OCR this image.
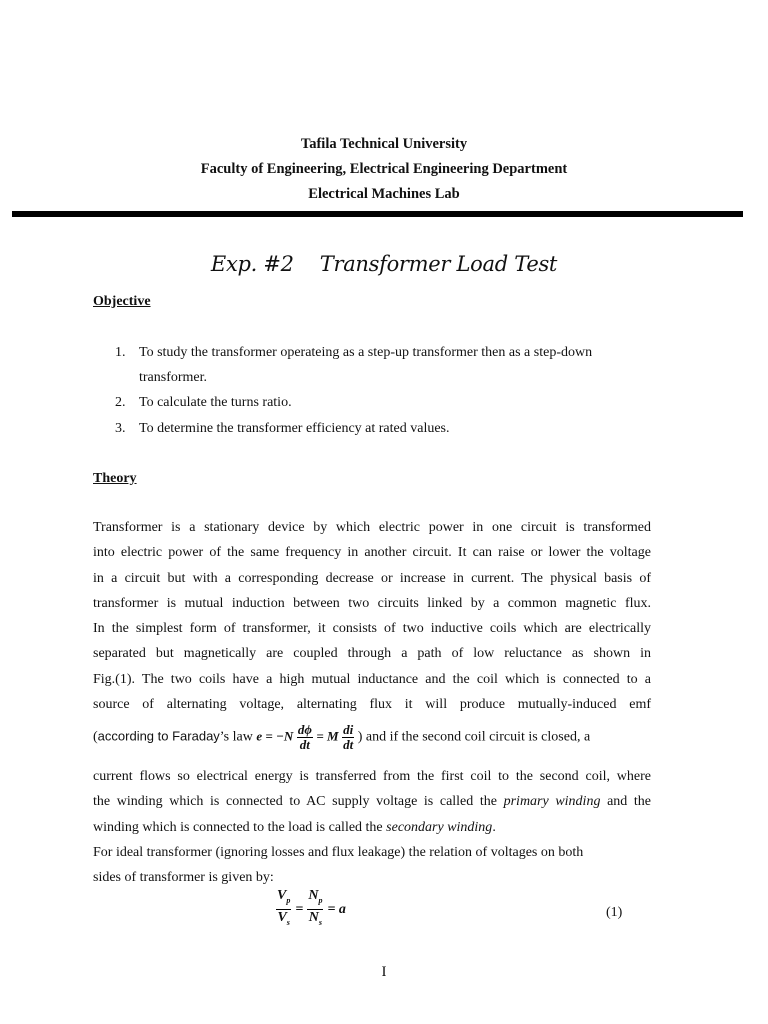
Tafila Technical University
Faculty of Engineering, Electrical Engineering Department
Electrical Machines Lab
Exp. #2 Transformer Load Test
Objective
1. To study the transformer operateing as a step-up transformer then as a step-down
transformer.
2. To calculate the turns ratio.
3. To determine the transformer efficiency at rated values.
Theory
Transformer is a stationary device by which electric power in one circuit is transformed
into electric power of the same frequency in another circuit. It can raise or lower the voltage
in a circuit but with a corresponding decrease or increase in current. The physical basis of
transformer is mutual induction between two circuits linked by a common magnetic flux.
In the simplest form of transformer, it consists of two inductive coils which are electrically
separated but magnetically are coupled through a path of low reluctance as shown in
Fig.(1). The two coils have a high mutual inductance and the coil which is connected to a
source of alternating voltage, alternating flux it will produce mutually-induced emf
(according to Faraday’s law $e = -N \frac{d\phi}{dt} = M \frac{di}{dt}$ ) and if the second coil circuit is closed, a
current flows so electrical energy is transferred from the first coil to the second coil, where
the winding which is connected to AC supply voltage is called the primary winding and the
winding which is connected to the load is called the secondary winding.
For ideal transformer (ignoring losses and flux leakage) the relation of voltages on both
sides of transformer is given by:
$\frac{V_p}{V_s} = \frac{N_p}{N_s} = a$	(1)
I
